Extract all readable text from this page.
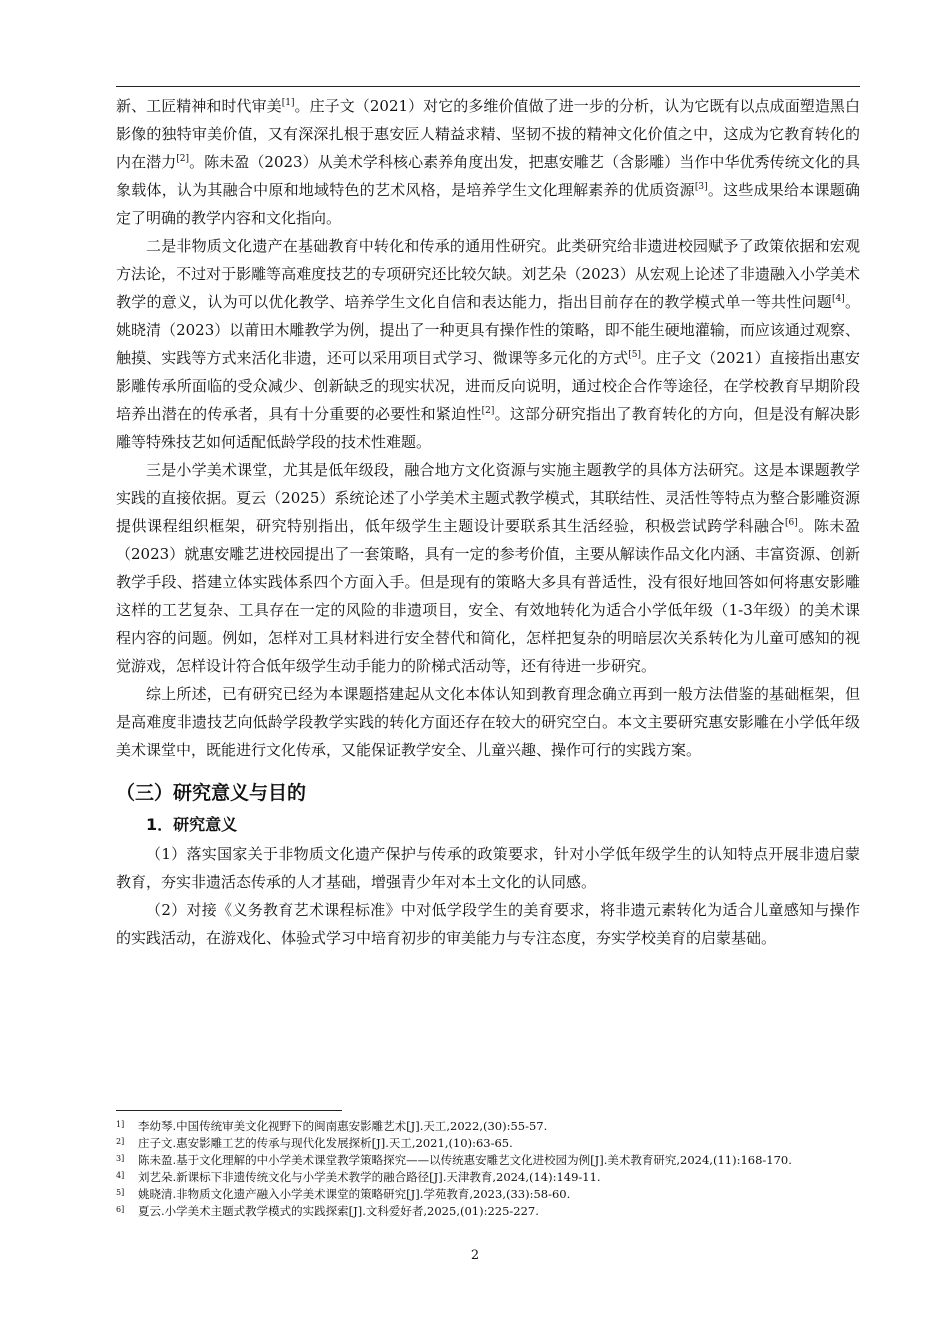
新、工匠精神和时代审美[1]。庄子文（2021）对它的多维价值做了进一步的分析，认为它既有以点成面塑造黑白影像的独特审美价值，又有深深扎根于惠安匠人精益求精、坚韧不拔的精神文化价值之中，这成为它教育转化的内在潜力[2]。陈未盈（2023）从美术学科核心素养角度出发，把惠安雕艺（含影雕）当作中华优秀传统文化的具象载体，认为其融合中原和地域特色的艺术风格，是培养学生文化理解素养的优质资源[3]。这些成果给本课题确定了明确的教学内容和文化指向。

二是非物质文化遗产在基础教育中转化和传承的通用性研究。此类研究给非遗进校园赋予了政策依据和宏观方法论，不过对于影雕等高难度技艺的专项研究还比较欠缺。刘艺朵（2023）从宏观上论述了非遗融入小学美术教学的意义，认为可以优化教学、培养学生文化自信和表达能力，指出目前存在的教学模式单一等共性问题[4]。姚晓清（2023）以莆田木雕教学为例，提出了一种更具有操作性的策略，即不能生硬地灌输，而应该通过观察、触摸、实践等方式来活化非遗，还可以采用项目式学习、微课等多元化的方式[5]。庄子文（2021）直接指出惠安影雕传承所面临的受众减少、创新缺乏的现实状况，进而反向说明，通过校企合作等途径，在学校教育早期阶段培养出潜在的传承者，具有十分重要的必要性和紧迫性[2]。这部分研究指出了教育转化的方向，但是没有解决影雕等特殊技艺如何适配低龄学段的技术性难题。

三是小学美术课堂，尤其是低年级段，融合地方文化资源与实施主题教学的具体方法研究。这是本课题教学实践的直接依据。夏云（2025）系统论述了小学美术主题式教学模式，其联结性、灵活性等特点为整合影雕资源提供课程组织框架，研究特别指出，低年级学生主题设计要联系其生活经验，积极尝试跨学科融合[6]。陈未盈（2023）就惠安雕艺进校园提出了一套策略，具有一定的参考价值，主要从解读作品文化内涵、丰富资源、创新教学手段、搭建立体实践体系四个方面入手。但是现有的策略大多具有普适性，没有很好地回答如何将惠安影雕这样的工艺复杂、工具存在一定的风险的非遗项目，安全、有效地转化为适合小学低年级（1-3年级）的美术课程内容的问题。例如，怎样对工具材料进行安全替代和简化，怎样把复杂的明暗层次关系转化为儿童可感知的视觉游戏，怎样设计符合低年级学生动手能力的阶梯式活动等，还有待进一步研究。

综上所述，已有研究已经为本课题搭建起从文化本体认知到教育理念确立再到一般方法借鉴的基础框架，但是高难度非遗技艺向低龄学段教学实践的转化方面还存在较大的研究空白。本文主要研究惠安影雕在小学低年级美术课堂中，既能进行文化传承，又能保证教学安全、儿童兴趣、操作可行的实践方案。

（三）研究意义与目的
1．研究意义

（1）落实国家关于非物质文化遗产保护与传承的政策要求，针对小学低年级学生的认知特点开展非遗启蒙教育，夯实非遗活态传承的人才基础，增强青少年对本土文化的认同感。

（2）对接《义务教育艺术课程标准》中对低学段学生的美育要求，将非遗元素转化为适合儿童感知与操作的实践活动，在游戏化、体验式学习中培育初步的审美能力与专注态度，夯实学校美育的启蒙基础。

1]	李幼琴.中国传统审美文化视野下的闽南惠安影雕艺术[J].天工,2022,(30):55-57.
2]	庄子文.惠安影雕工艺的传承与现代化发展探析[J].天工,2021,(10):63-65.
3]	陈未盈.基于文化理解的中小学美术课堂教学策略探究——以传统惠安雕艺文化进校园为例[J].美术教育研究,2024,(11):168-170.
4]	刘艺朵.新课标下非遗传统文化与小学美术教学的融合路径[J].天津教育,2024,(14):149-11.
5]	姚晓清.非物质文化遗产融入小学美术课堂的策略研究[J].学苑教育,2023,(33):58-60.
6]	夏云.小学美术主题式教学模式的实践探索[J].文科爱好者,2025,(01):225-227.
2
